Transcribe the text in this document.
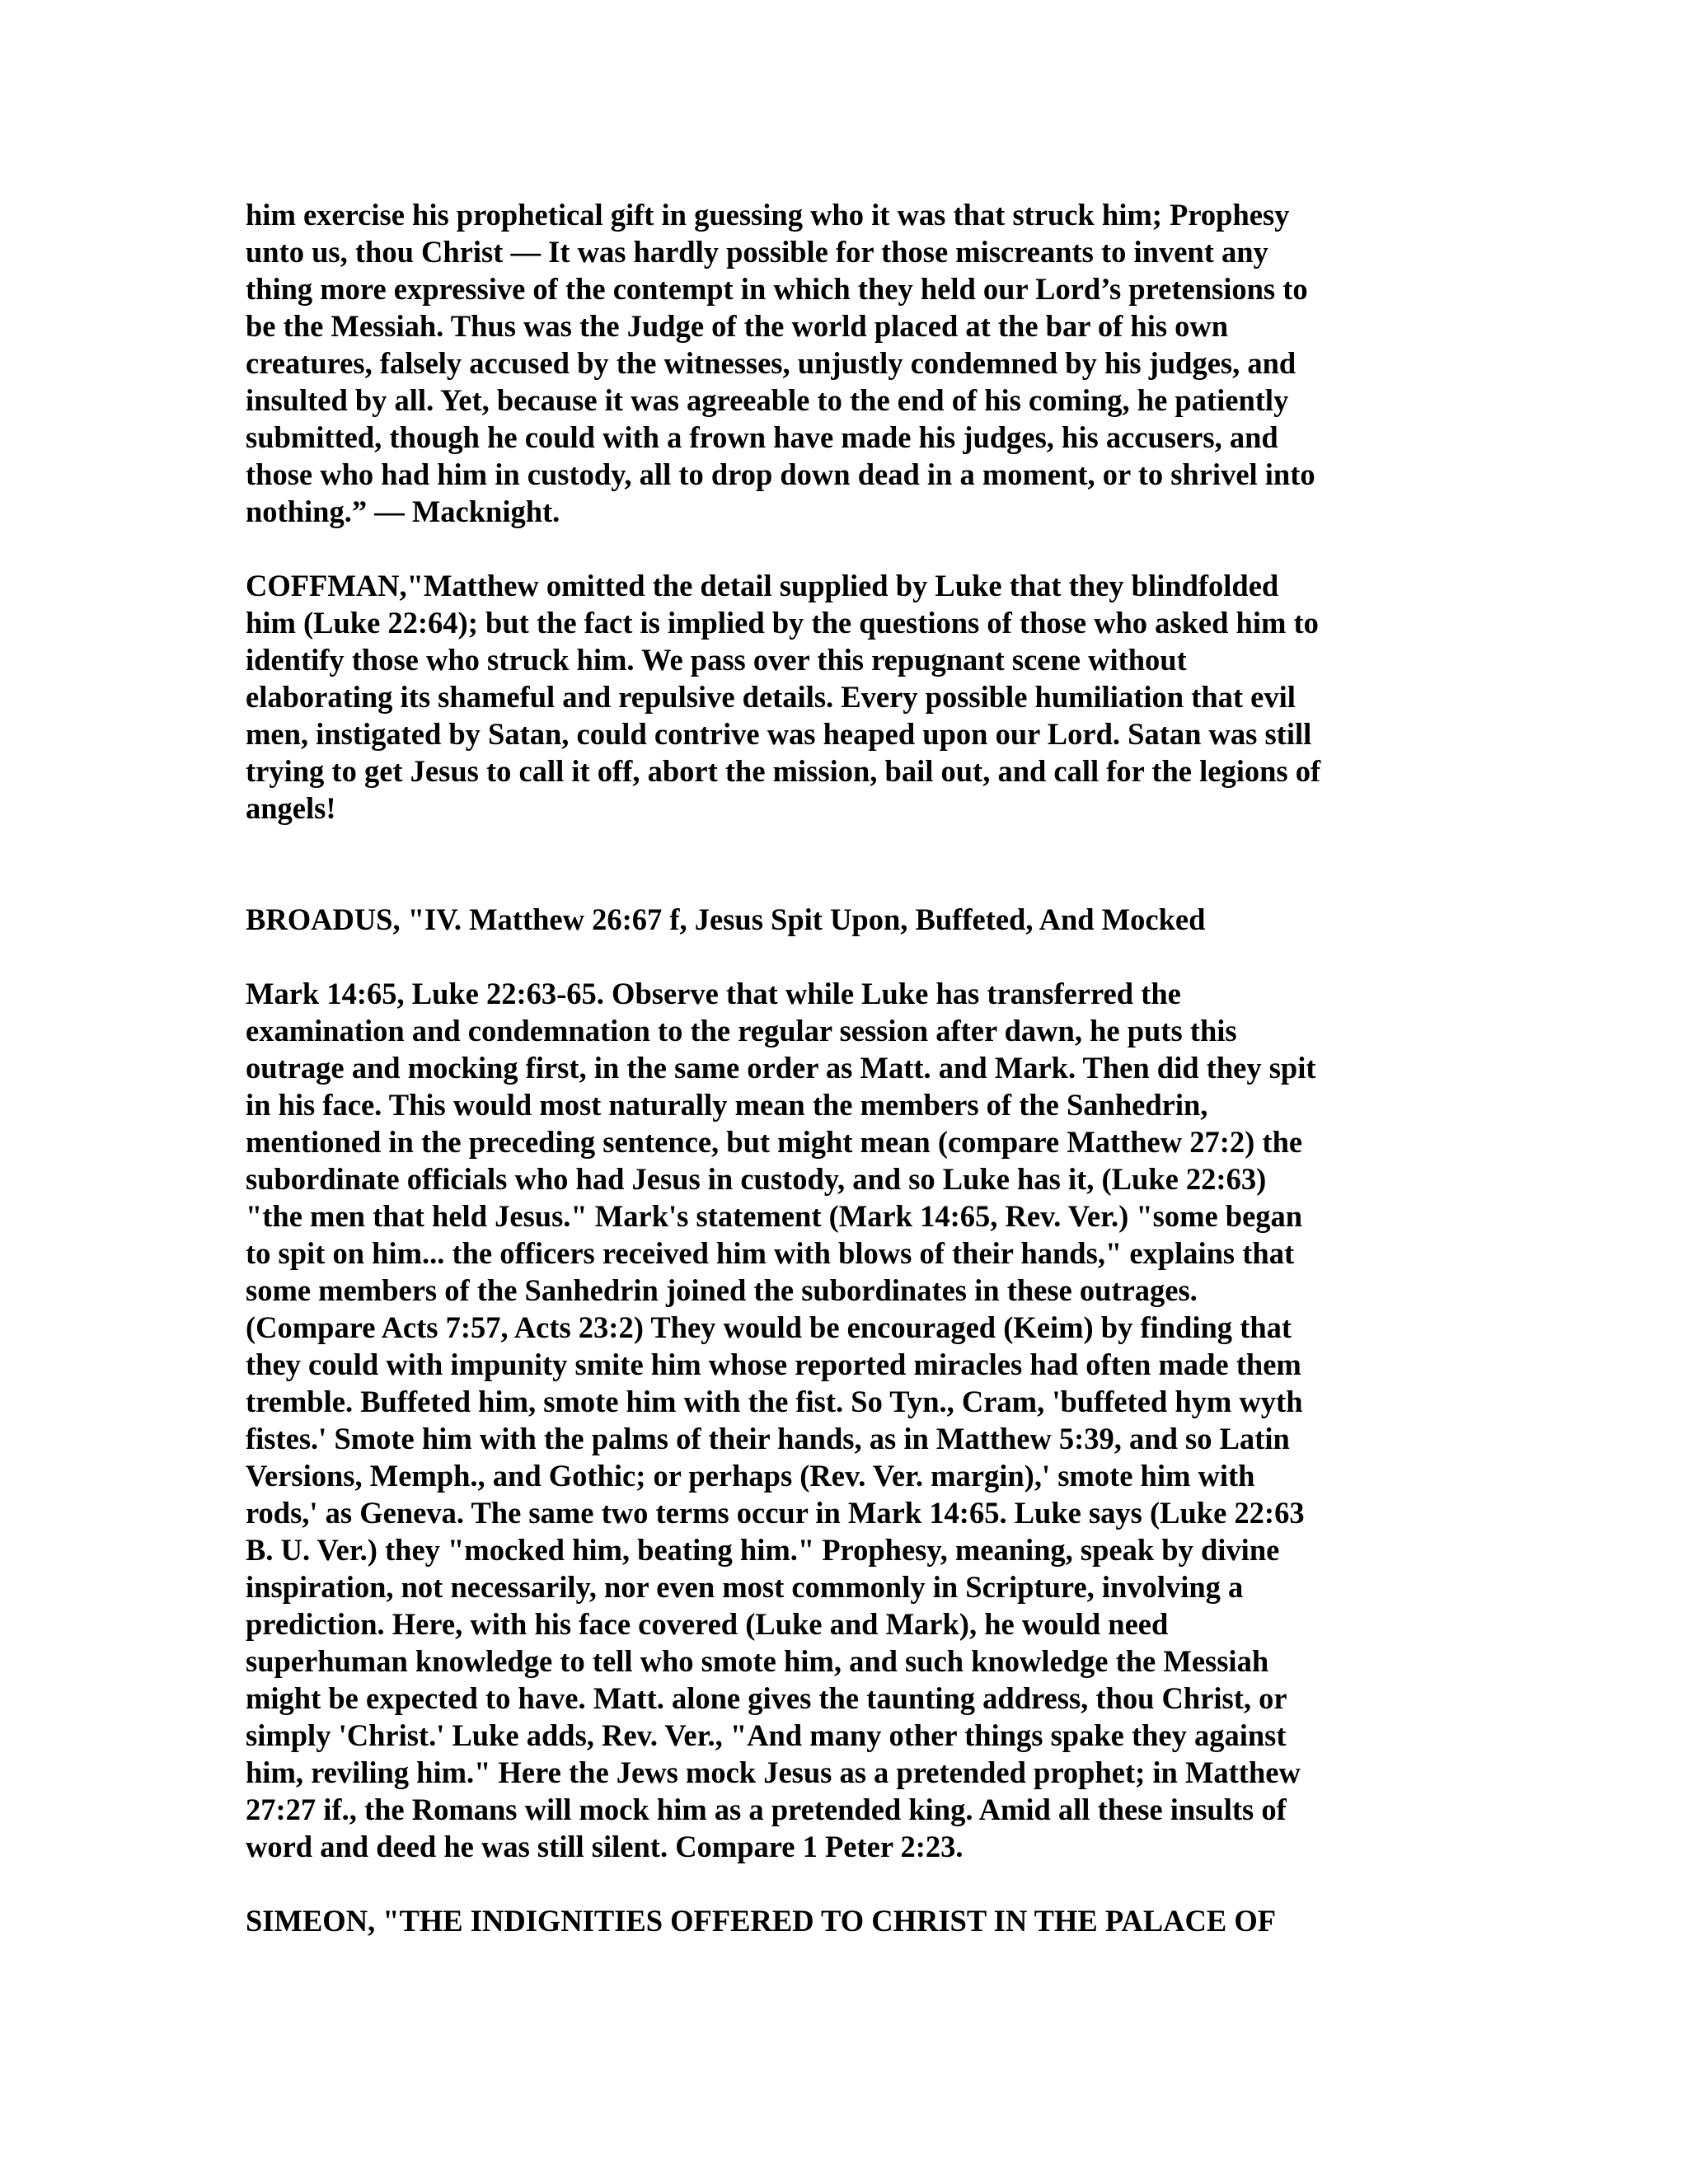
him exercise his prophetical gift in guessing who it was that struck him; Prophesy
unto us, thou Christ — It was hardly possible for those miscreants to invent any
thing more expressive of the contempt in which they held our Lord’s pretensions to
be the Messiah. Thus was the Judge of the world placed at the bar of his own
creatures, falsely accused by the witnesses, unjustly condemned by his judges, and
insulted by all. Yet, because it was agreeable to the end of his coming, he patiently
submitted, though he could with a frown have made his judges, his accusers, and
those who had him in custody, all to drop down dead in a moment, or to shrivel into
nothing.” — Macknight.
COFFMAN,"Matthew omitted the detail supplied by Luke that they blindfolded
him (Luke 22:64); but the fact is implied by the questions of those who asked him to
identify those who struck him. We pass over this repugnant scene without
elaborating its shameful and repulsive details. Every possible humiliation that evil
men, instigated by Satan, could contrive was heaped upon our Lord. Satan was still
trying to get Jesus to call it off, abort the mission, bail out, and call for the legions of
angels!
BROADUS, "IV. Matthew 26:67 f, Jesus Spit Upon, Buffeted, And Mocked
Mark 14:65, Luke 22:63-65. Observe that while Luke has transferred the
examination and condemnation to the regular session after dawn, he puts this
outrage and mocking first, in the same order as Matt. and Mark. Then did they spit
in his face. This would most naturally mean the members of the Sanhedrin,
mentioned in the preceding sentence, but might mean (compare Matthew 27:2) the
subordinate officials who had Jesus in custody, and so Luke has it, (Luke 22:63)
"the men that held Jesus." Mark's statement (Mark 14:65, Rev. Ver.) "some began
to spit on him... the officers received him with blows of their hands," explains that
some members of the Sanhedrin joined the subordinates in these outrages.
(Compare Acts 7:57, Acts 23:2) They would be encouraged (Keim) by finding that
they could with impunity smite him whose reported miracles had often made them
tremble. Buffeted him, smote him with the fist. So Tyn., Cram, 'buffeted hym wyth
fistes.' Smote him with the palms of their hands, as in Matthew 5:39, and so Latin
Versions, Memph., and Gothic; or perhaps (Rev. Ver. margin),' smote him with
rods,' as Geneva. The same two terms occur in Mark 14:65. Luke says (Luke 22:63
B. U. Ver.) they "mocked him, beating him." Prophesy, meaning, speak by divine
inspiration, not necessarily, nor even most commonly in Scripture, involving a
prediction. Here, with his face covered (Luke and Mark), he would need
superhuman knowledge to tell who smote him, and such knowledge the Messiah
might be expected to have. Matt. alone gives the taunting address, thou Christ, or
simply 'Christ.' Luke adds, Rev. Ver., "And many other things spake they against
him, reviling him." Here the Jews mock Jesus as a pretended prophet; in Matthew
27:27 if., the Romans will mock him as a pretended king. Amid all these insults of
word and deed he was still silent. Compare 1 Peter 2:23.
SIMEON, "THE INDIGNITIES OFFERED TO CHRIST IN THE PALACE OF
